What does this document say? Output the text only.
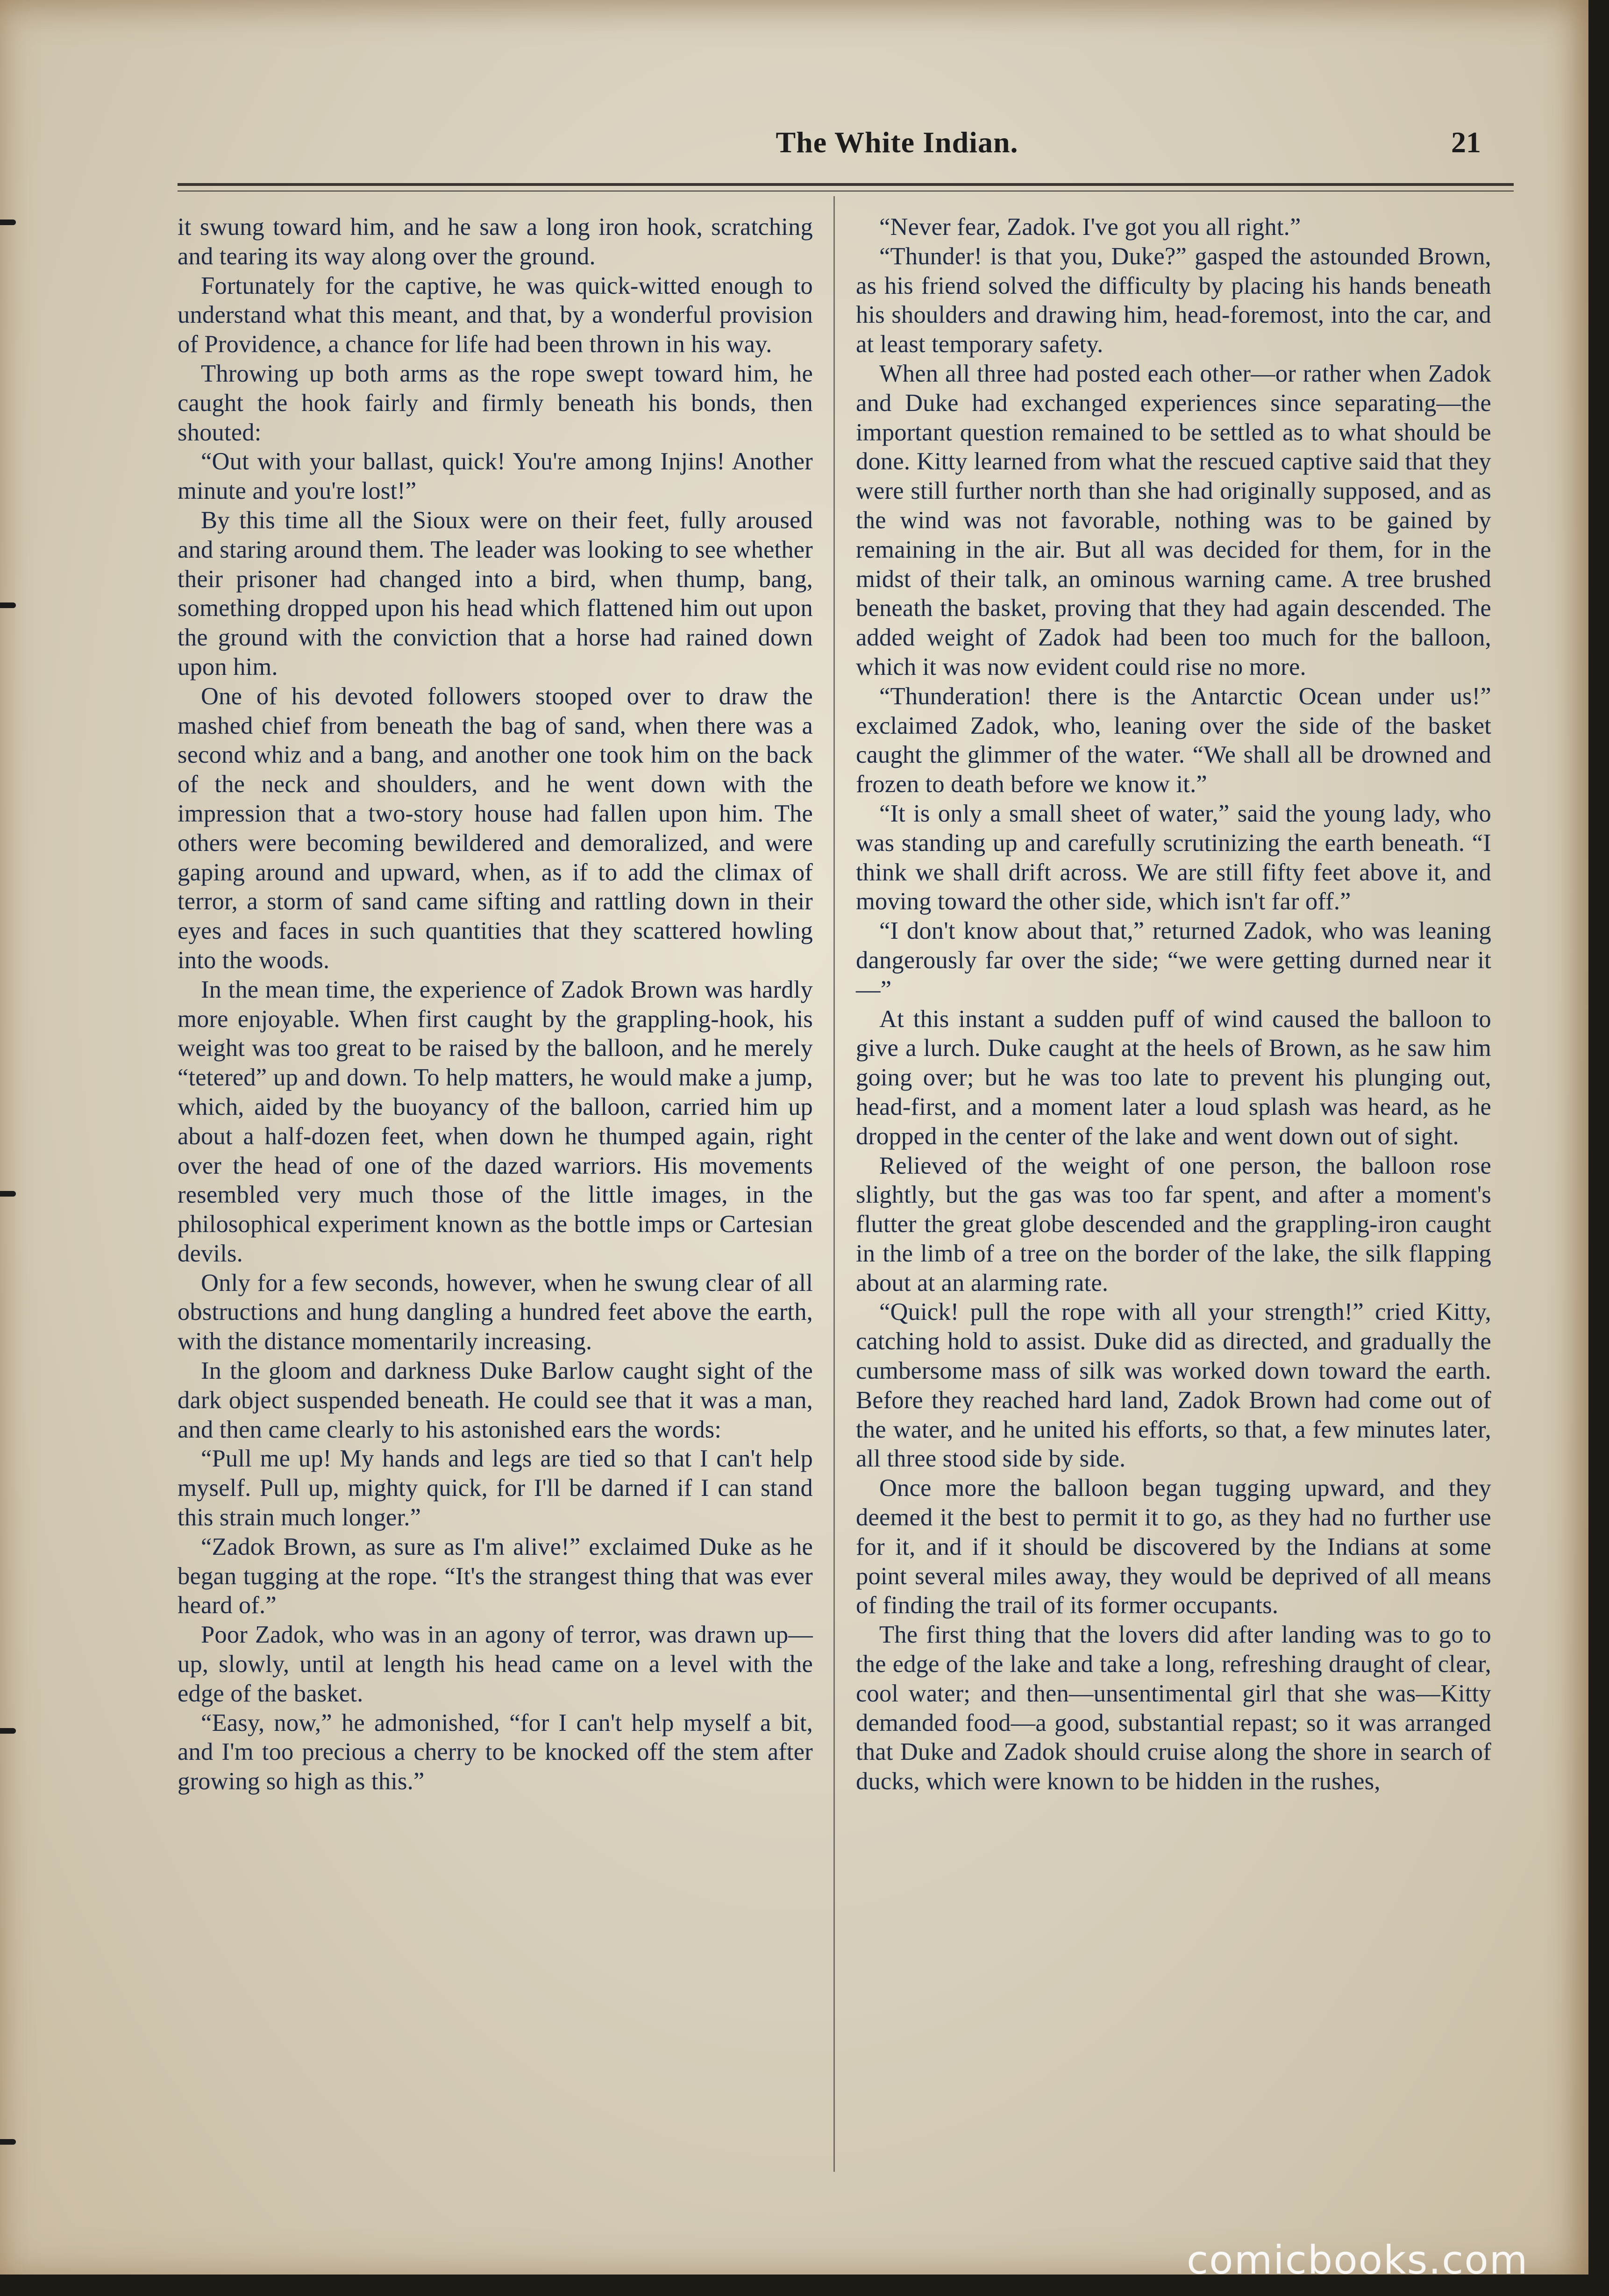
The White Indian.	21

it swung toward him, and he saw a long iron hook, scratching and tearing its way along over the ground.

Fortunately for the captive, he was quick-witted enough to understand what this meant, and that, by a wonderful provision of Providence, a chance for life had been thrown in his way.

Throwing up both arms as the rope swept toward him, he caught the hook fairly and firmly beneath his bonds, then shouted:

“Out with your ballast, quick! You're among Injins! Another minute and you're lost!”

By this time all the Sioux were on their feet, fully aroused and staring around them. The leader was looking to see whether their prisoner had changed into a bird, when thump, bang, something dropped upon his head which flattened him out upon the ground with the conviction that a horse had rained down upon him.

One of his devoted followers stooped over to draw the mashed chief from beneath the bag of sand, when there was a second whiz and a bang, and another one took him on the back of the neck and shoulders, and he went down with the impression that a two-story house had fallen upon him. The others were becoming bewildered and demoralized, and were gaping around and upward, when, as if to add the climax of terror, a storm of sand came sifting and rattling down in their eyes and faces in such quantities that they scattered howling into the woods.

In the mean time, the experience of Zadok Brown was hardly more enjoyable. When first caught by the grappling-hook, his weight was too great to be raised by the balloon, and he merely “tetered” up and down. To help matters, he would make a jump, which, aided by the buoyancy of the balloon, carried him up about a half-dozen feet, when down he thumped again, right over the head of one of the dazed warriors. His movements resembled very much those of the little images, in the philosophical experiment known as the bottle imps or Cartesian devils.

Only for a few seconds, however, when he swung clear of all obstructions and hung dangling a hundred feet above the earth, with the distance momentarily increasing.

In the gloom and darkness Duke Barlow caught sight of the dark object suspended beneath. He could see that it was a man, and then came clearly to his astonished ears the words:

“Pull me up! My hands and legs are tied so that I can't help myself. Pull up, mighty quick, for I'll be darned if I can stand this strain much longer.”

“Zadok Brown, as sure as I'm alive!” exclaimed Duke as he began tugging at the rope. “It's the strangest thing that was ever heard of.”

Poor Zadok, who was in an agony of terror, was drawn up—up, slowly, until at length his head came on a level with the edge of the basket.

“Easy, now,” he admonished, “for I can't help myself a bit, and I'm too precious a cherry to be knocked off the stem after growing so high as this.”

“Never fear, Zadok. I've got you all right.”

“Thunder! is that you, Duke?” gasped the astounded Brown, as his friend solved the difficulty by placing his hands beneath his shoulders and drawing him, head-foremost, into the car, and at least temporary safety.

When all three had posted each other—or rather when Zadok and Duke had exchanged experiences since separating—the important question remained to be settled as to what should be done. Kitty learned from what the rescued captive said that they were still further north than she had originally supposed, and as the wind was not favorable, nothing was to be gained by remaining in the air. But all was decided for them, for in the midst of their talk, an ominous warning came. A tree brushed beneath the basket, proving that they had again descended. The added weight of Zadok had been too much for the balloon, which it was now evident could rise no more.

“Thunderation! there is the Antarctic Ocean under us!” exclaimed Zadok, who, leaning over the side of the basket caught the glimmer of the water. “We shall all be drowned and frozen to death before we know it.”

“It is only a small sheet of water,” said the young lady, who was standing up and carefully scrutinizing the earth beneath. “I think we shall drift across. We are still fifty feet above it, and moving toward the other side, which isn't far off.”

“I don't know about that,” returned Zadok, who was leaning dangerously far over the side; “we were getting durned near it—”

At this instant a sudden puff of wind caused the balloon to give a lurch. Duke caught at the heels of Brown, as he saw him going over; but he was too late to prevent his plunging out, head-first, and a moment later a loud splash was heard, as he dropped in the center of the lake and went down out of sight.

Relieved of the weight of one person, the balloon rose slightly, but the gas was too far spent, and after a moment's flutter the great globe descended and the grappling-iron caught in the limb of a tree on the border of the lake, the silk flapping about at an alarming rate.

“Quick! pull the rope with all your strength!” cried Kitty, catching hold to assist. Duke did as directed, and gradually the cumbersome mass of silk was worked down toward the earth. Before they reached hard land, Zadok Brown had come out of the water, and he united his efforts, so that, a few minutes later, all three stood side by side.

Once more the balloon began tugging upward, and they deemed it the best to permit it to go, as they had no further use for it, and if it should be discovered by the Indians at some point several miles away, they would be deprived of all means of finding the trail of its former occupants.

The first thing that the lovers did after landing was to go to the edge of the lake and take a long, refreshing draught of clear, cool water; and then—unsentimental girl that she was—Kitty demanded food—a good, substantial repast; so it was arranged that Duke and Zadok should cruise along the shore in search of ducks, which were known to be hidden in the rushes,

comicbooks.com
